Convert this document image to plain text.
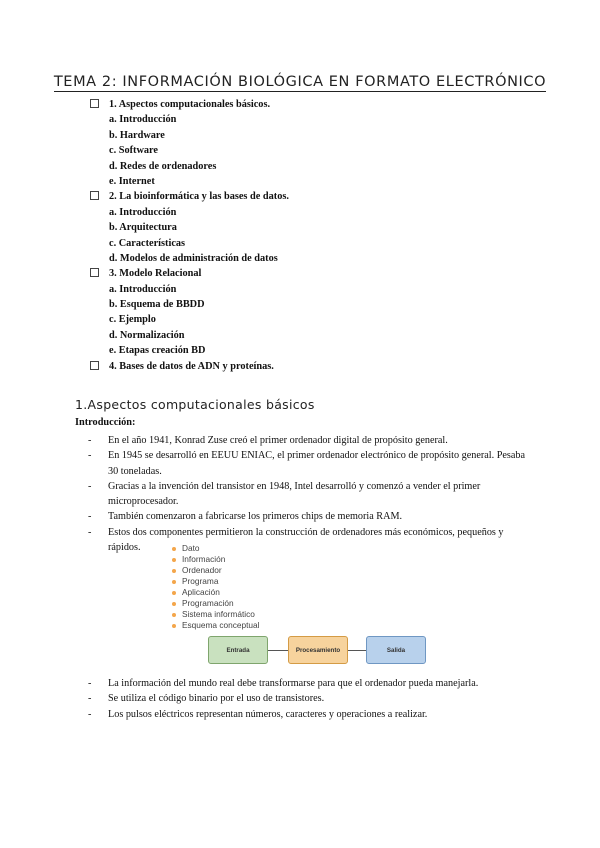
TEMA 2: INFORMACIÓN BIOLÓGICA EN FORMATO ELECTRÓNICO
1. Aspectos computacionales básicos.
a. Introducción
b. Hardware
c. Software
d. Redes de ordenadores
e. Internet
2. La bioinformática y las bases de datos.
a. Introducción
b. Arquitectura
c. Características
d. Modelos de administración de datos
3. Modelo Relacional
a. Introducción
b. Esquema de BBDD
c. Ejemplo
d. Normalización
e. Etapas creación BD
4. Bases de datos de ADN y proteínas.
1.Aspectos computacionales básicos
Introducción:
- En el año 1941, Konrad Zuse creó el primer ordenador digital de propósito general.
- En 1945 se desarrolló en EEUU ENIAC, el primer ordenador electrónico de propósito general. Pesaba 30 toneladas.
- Gracias a la invención del transistor en 1948, Intel desarrolló y comenzó a vender el primer microprocesador.
- También comenzaron a fabricarse los primeros chips de memoria RAM.
- Estos dos componentes permitieron la construcción de ordenadores más económicos, pequeños y rápidos.	Dato
Información
Ordenador
Programa
Aplicación
Programación
Sistema informático
Esquema conceptual
Entrada	Procesamiento	Salida
- La información del mundo real debe transformarse para que el ordenador pueda manejarla.
- Se utiliza el código binario por el uso de transistores.
- Los pulsos eléctricos representan números, caracteres y operaciones a realizar.
